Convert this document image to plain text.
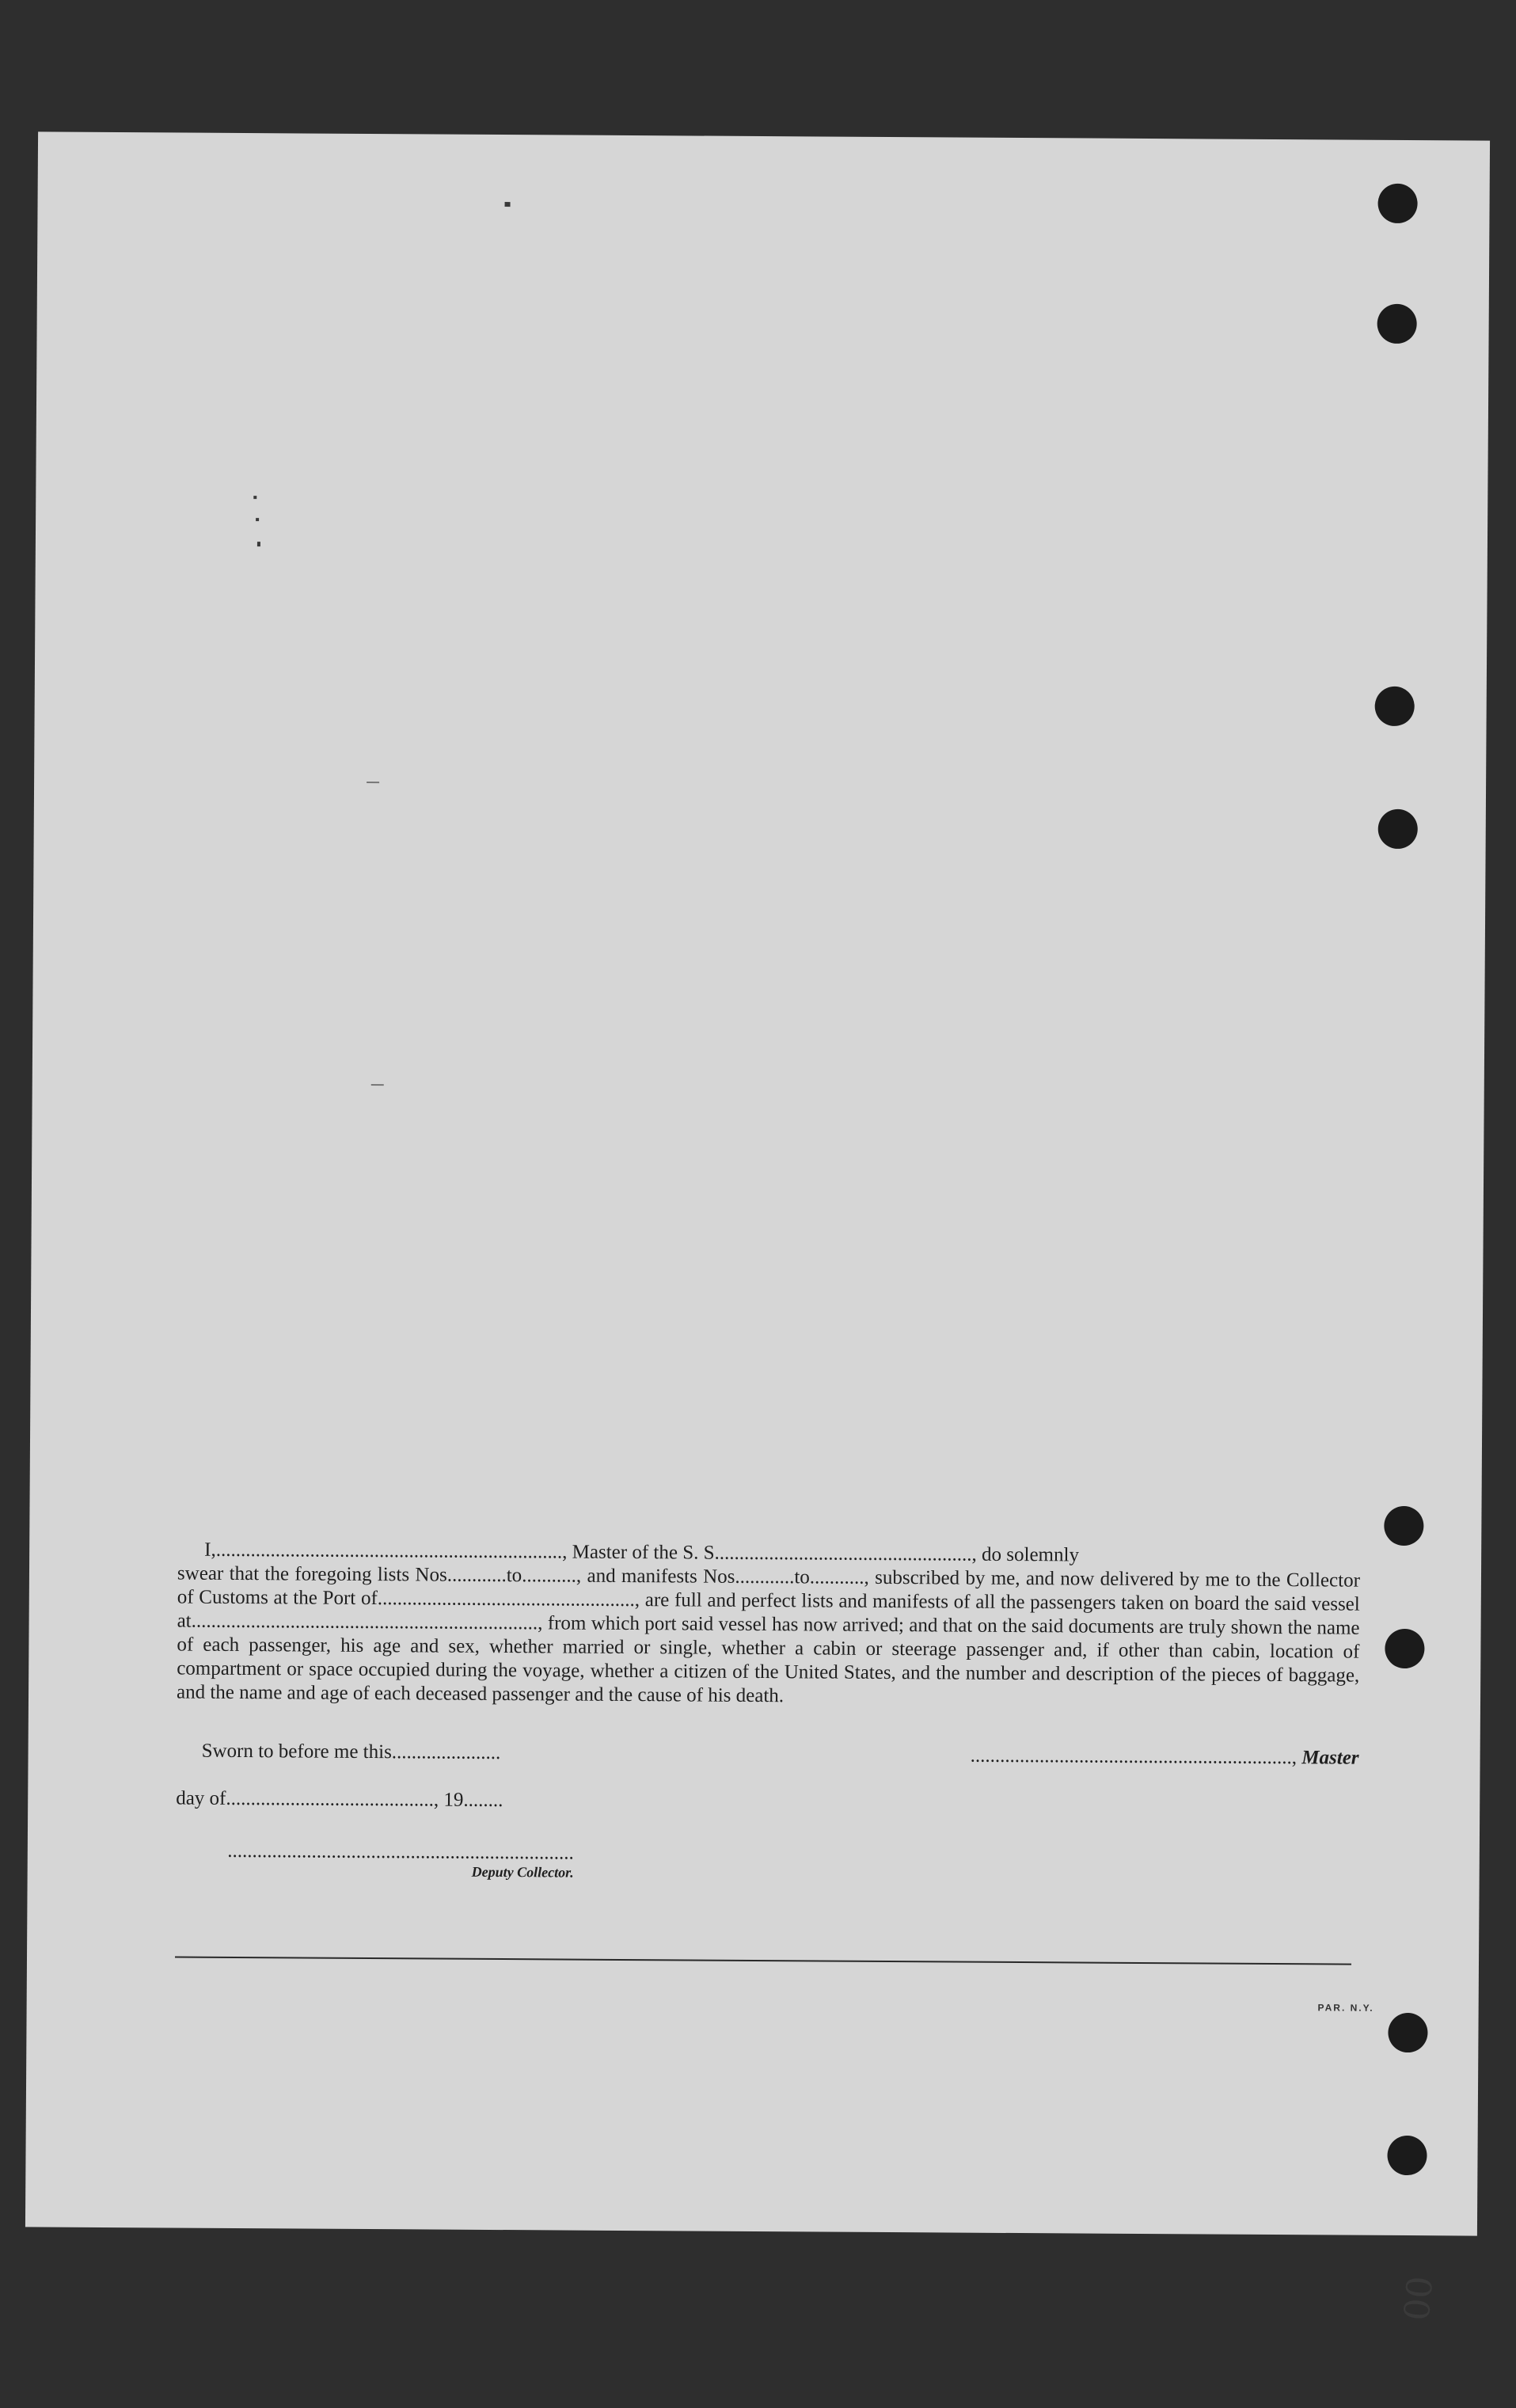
I,......................................................................, Master of the S. S...................................................., do solemnly
swear that the foregoing lists Nos............to..........., and manifests Nos............to..........., subscribed by me, and now delivered by me to the Collector of Customs at the Port of...................................................., are full and perfect lists and manifests of all the passengers taken on board the said vessel at......................................................................, from which port said vessel has now arrived; and that on the said documents are truly shown the name of each passenger, his age and sex, whether married or single, whether a cabin or steerage passenger and, if other than cabin, location of compartment or space occupied during the voyage, whether a citizen of the United States, and the number and description of the pieces of baggage, and the name and age of each deceased passenger and the cause of his death.
Sworn to before me this......................	................................................................., Master
day of.........................................., 19........
......................................................................
Deputy Collector.
PAR. N.Y.
00
